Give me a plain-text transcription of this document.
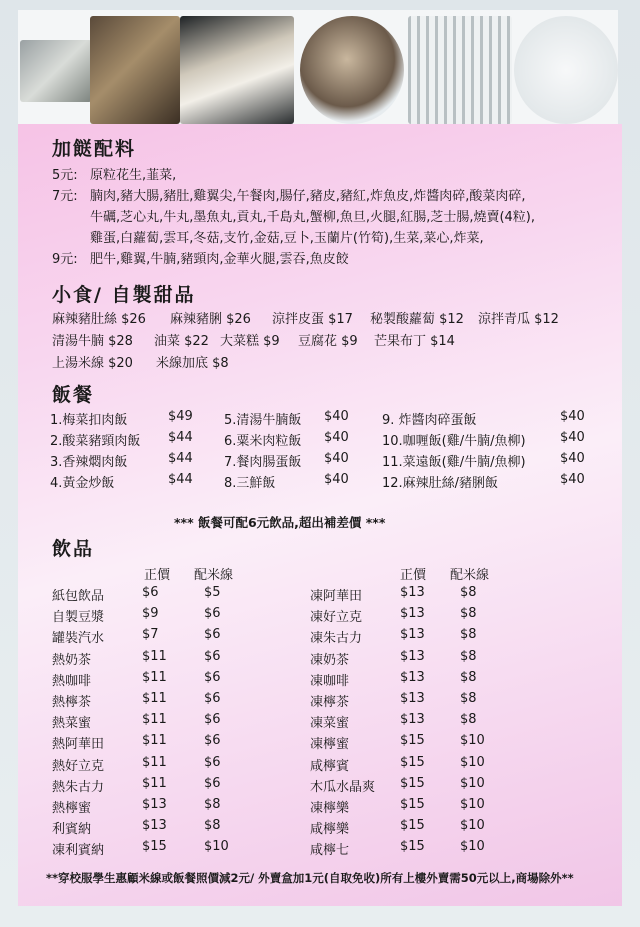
加餸配料
5元: 原粒花生,韮菜,
7元: 腩肉,豬大腸,豬肚,雞翼尖,午餐肉,腸仔,豬皮,豬紅,炸魚皮,炸醬肉碎,酸菜肉碎,
牛礪,芝心丸,牛丸,墨魚丸,貢丸,千島丸,蟹柳,魚旦,火腿,紅腸,芝士腸,燒賣(4粒),
雞蛋,白蘿蔔,雲耳,冬菇,支竹,金菇,豆卜,玉蘭片(竹筍),生菜,菜心,炸菜,
9元: 肥牛,雞翼,牛腩,豬頸肉,金華火腿,雲吞,魚皮餃
小食/ 自製甜品
麻辣豬肚絲 $26 麻辣豬脷 $26 涼拌皮蛋 $17 秘製酸蘿蔔 $12 涼拌青瓜 $12
清湯牛腩 $28 油菜 $22 大菜糕 $9 豆腐花 $9 芒果布丁 $14
上湯米線 $20 米線加底 $8
飯餐
1.梅菜扣肉飯	$49
2.酸菜豬頸肉飯 $44
3.香辣燜肉飯	$44
4.黃金炒飯	$44
5.清湯牛腩飯 $40
6.粟米肉粒飯 $40
7.餐肉腸蛋飯 $40
8.三鮮飯	$40
9. 炸醬肉碎蛋飯	$40
10.咖喱飯(雞/牛腩/魚柳)	$40
11.菜遠飯(雞/牛腩/魚柳)	$40
12.麻辣肚絲/豬脷飯	$40
*** 飯餐可配6元飲品,超出補差價 ***
飲品
正價 配米線	正價 配米線
**穿校服學生惠顧米線或飯餐照價減2元/ 外賣盒加1元(自取免收)所有上樓外賣需50元以上,商場除外**
紙包飲品	$6	$5
自製豆漿	$9	$6
罐裝汽水	$7	$6
熱奶茶	$11	$6
熱咖啡	$11	$6
熱檸茶	$11	$6
熱菜蜜	$11	$6
熱阿華田	$11	$6
熱好立克	$11	$6
熱朱古力	$11	$6
熱檸蜜	$13	$8
利賓納	$13	$8
凍利賓納	$15	$10
凍阿華田	$13	$8
凍好立克	$13	$8
凍朱古力	$13	$8
凍奶茶	$13	$8
凍咖啡	$13	$8
凍檸茶	$13	$8
凍菜蜜	$13	$8
凍檸蜜	$15	$10
咸檸賓	$15	$10
木瓜水晶爽 $15	$10
凍檸樂	$15	$10
咸檸樂	$15	$10
咸檸七	$15	$10
